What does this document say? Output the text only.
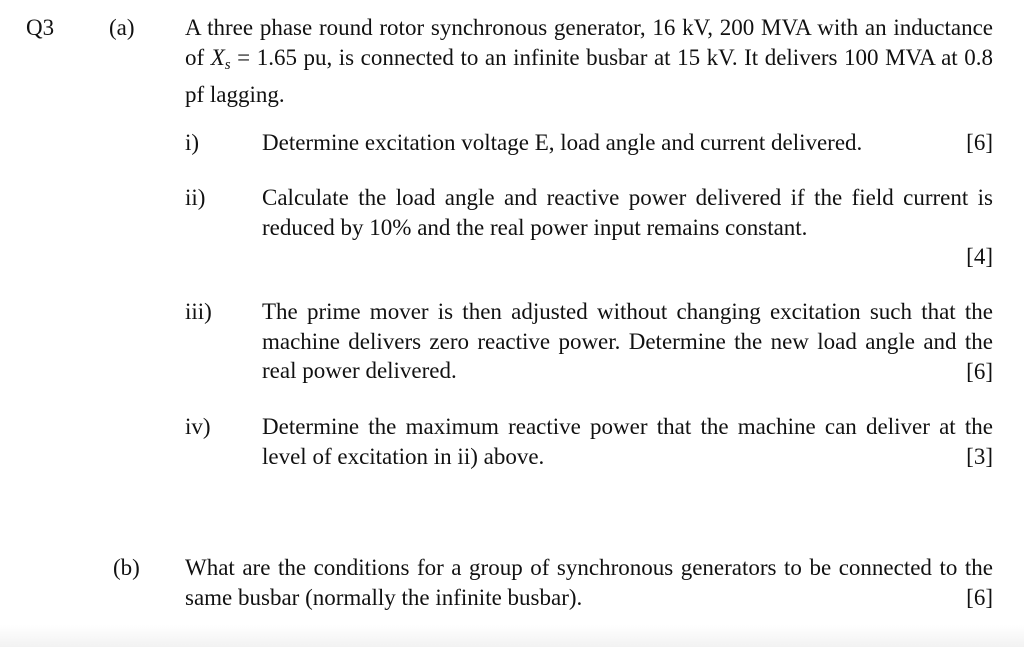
Q3 (a) A three phase round rotor synchronous generator, 16 kV, 200 MVA with an inductance of Xs = 1.65 pu, is connected to an infinite busbar at 15 kV. It delivers 100 MVA at 0.8 pf lagging.
i)	Determine excitation voltage E, load angle and current delivered.	[6]
ii) Calculate the load angle and reactive power delivered if the field current is reduced by 10% and the real power input remains constant.
[4]
iii) The prime mover is then adjusted without changing excitation such that the machine delivers zero reactive power. Determine the new load angle and the real power delivered.	[6]
iv) Determine the maximum reactive power that the machine can deliver at the level of excitation in ii) above.	[3]
(b) What are the conditions for a group of synchronous generators to be connected to the same busbar (normally the infinite busbar).	[6]
